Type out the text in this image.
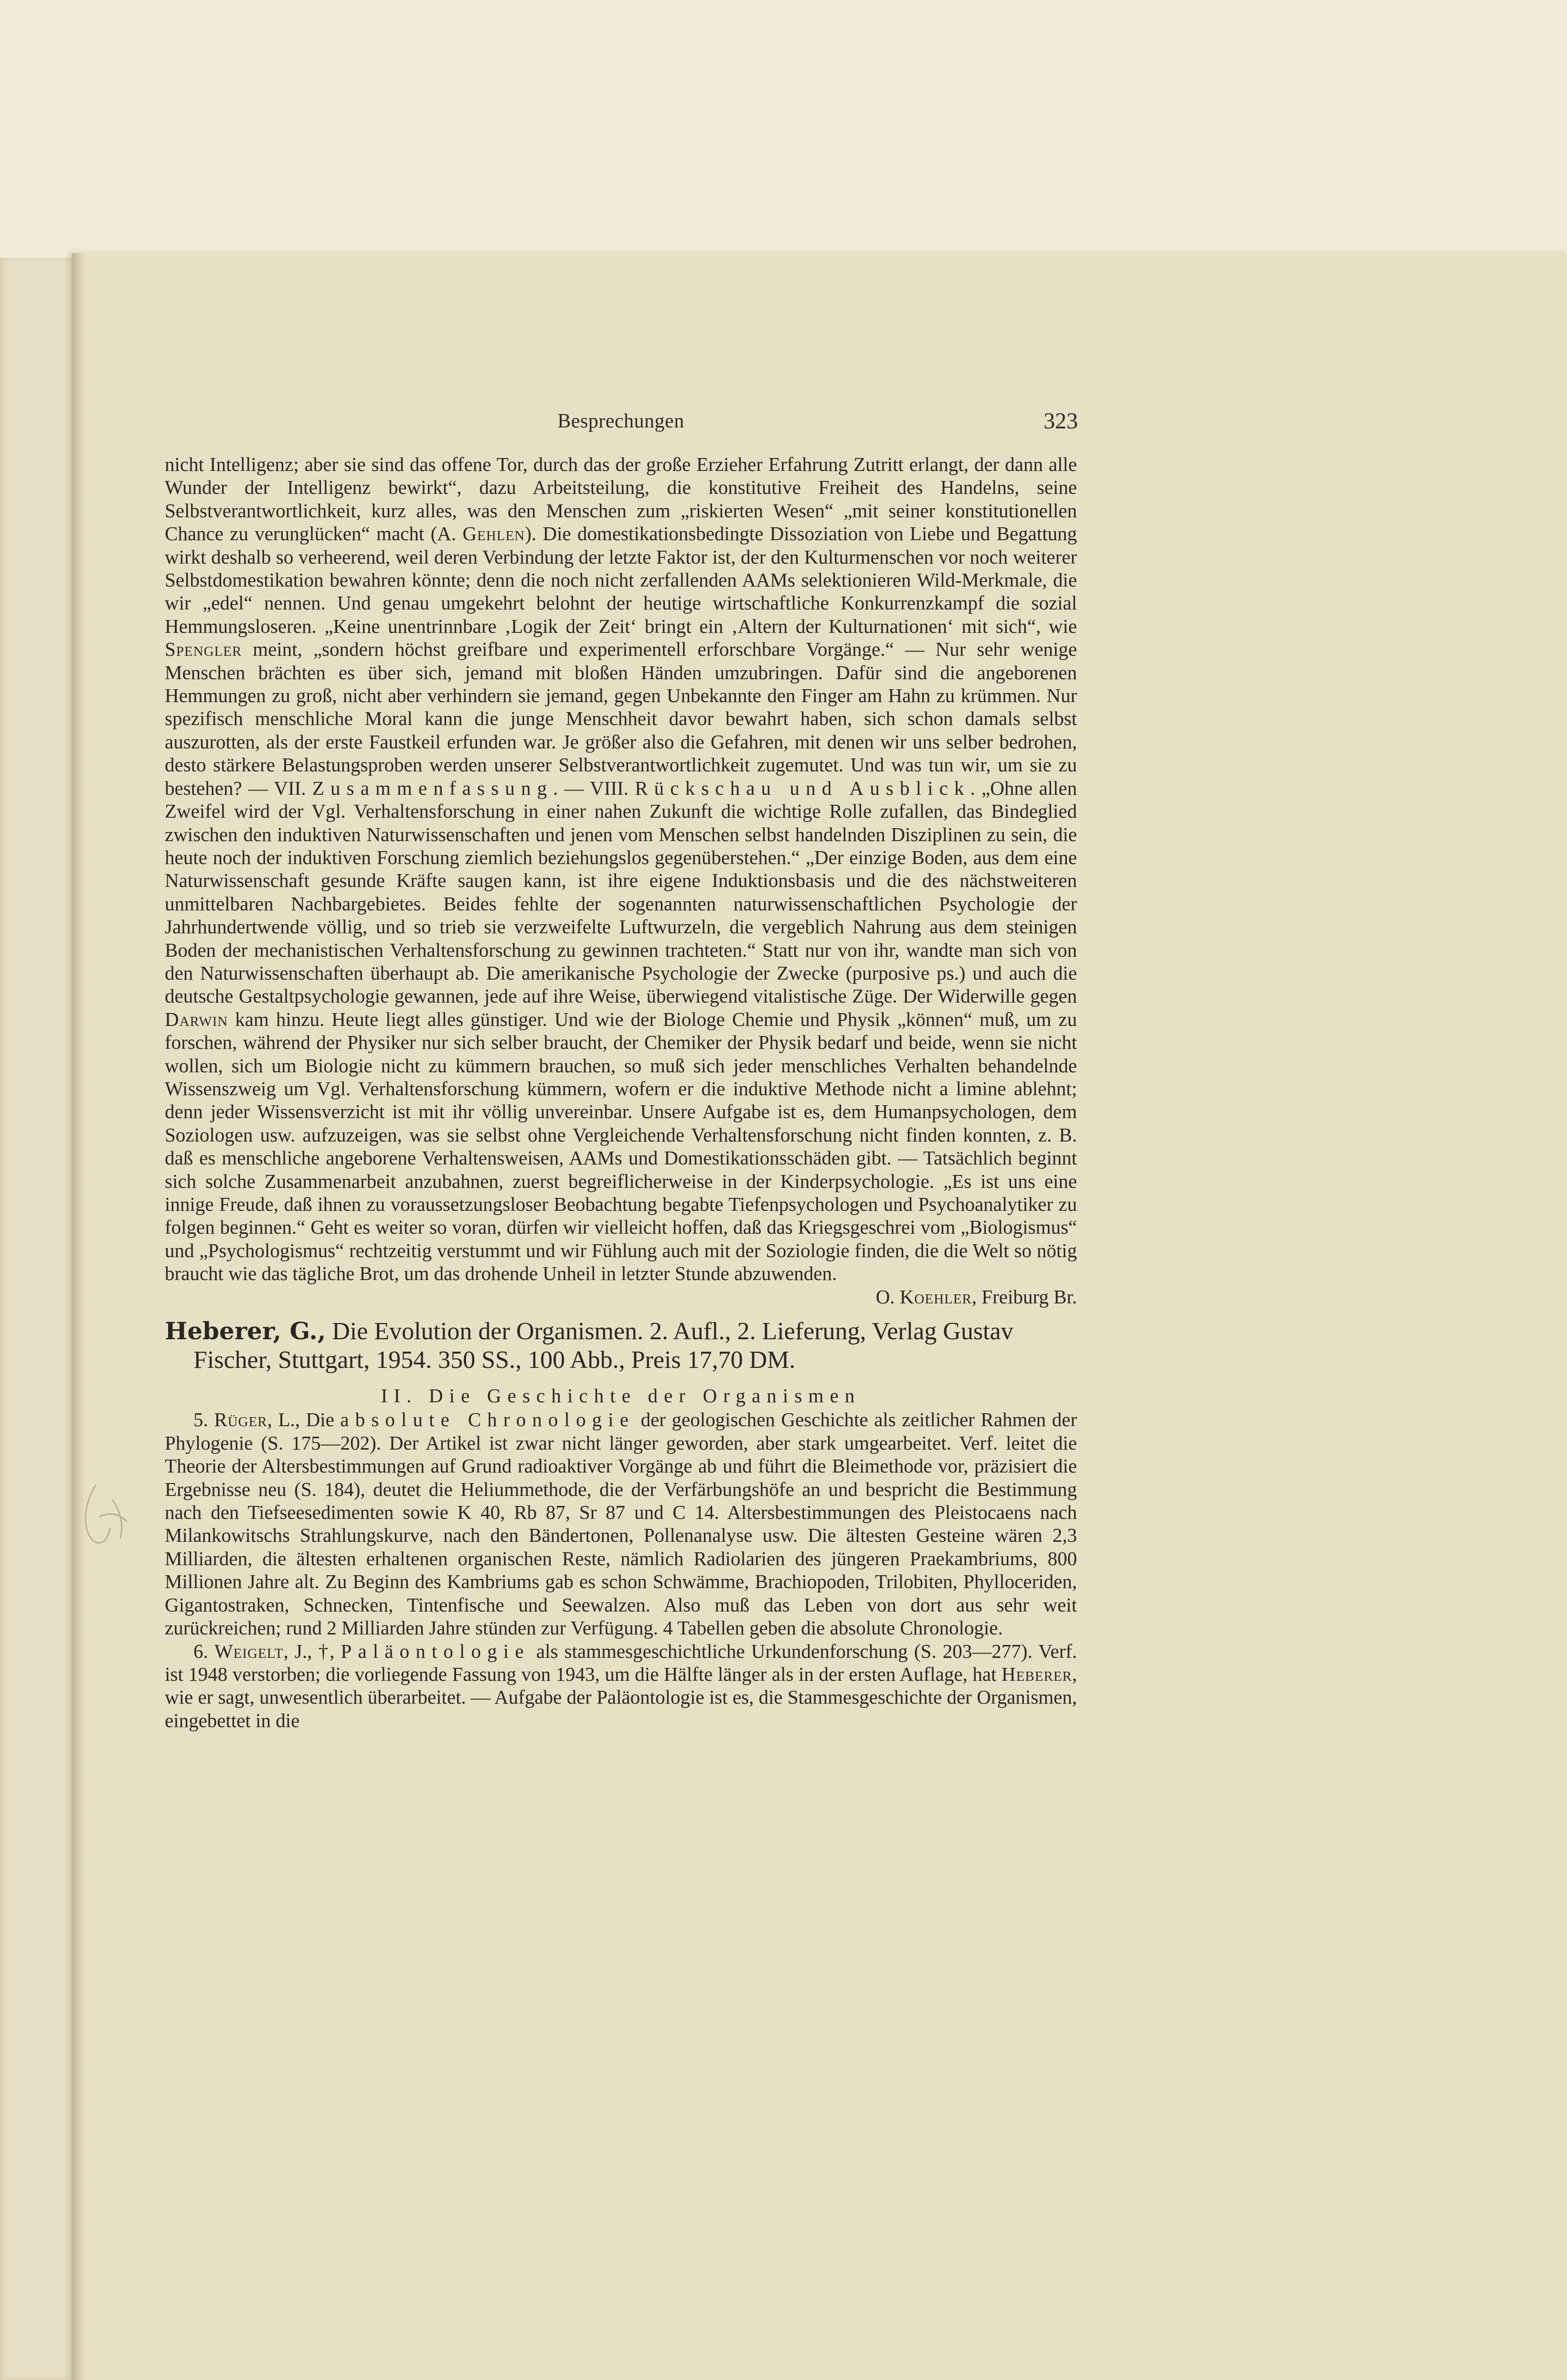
Besprechungen	323

nicht Intelligenz; aber sie sind das offene Tor, durch das der große Erzieher Erfahrung Zutritt erlangt, der dann alle Wunder der Intelligenz bewirkt“, dazu Arbeitsteilung, die konstitutive Freiheit des Handelns, seine Selbstverantwortlichkeit, kurz alles, was den Menschen zum „riskierten Wesen“ „mit seiner konstitutionellen Chance zu verunglücken“ macht (A. Gehlen). Die domestikationsbedingte Dissoziation von Liebe und Begattung wirkt deshalb so verheerend, weil deren Verbindung der letzte Faktor ist, der den Kulturmenschen vor noch weiterer Selbstdomestikation bewahren könnte; denn die noch nicht zerfallenden AAMs selektionieren Wild-Merkmale, die wir „edel“ nennen. Und genau umgekehrt belohnt der heutige wirtschaftliche Konkurrenzkampf die sozial Hemmungsloseren. „Keine unentrinnbare ‚Logik der Zeit‘ bringt ein ‚Altern der Kulturnationen‘ mit sich“, wie Spengler meint, „sondern höchst greifbare und experimentell erforschbare Vorgänge.“ — Nur sehr wenige Menschen brächten es über sich, jemand mit bloßen Händen umzubringen. Dafür sind die angeborenen Hemmungen zu groß, nicht aber verhindern sie jemand, gegen Unbekannte den Finger am Hahn zu krümmen. Nur spezifisch menschliche Moral kann die junge Menschheit davor bewahrt haben, sich schon damals selbst auszurotten, als der erste Faustkeil erfunden war. Je größer also die Gefahren, mit denen wir uns selber bedrohen, desto stärkere Belastungsproben werden unserer Selbstverantwortlichkeit zugemutet. Und was tun wir, um sie zu bestehen? — VII. Zusammenfassung. — VIII. Rückschau und Ausblick. „Ohne allen Zweifel wird der Vgl. Verhaltensforschung in einer nahen Zukunft die wichtige Rolle zufallen, das Bindeglied zwischen den induktiven Naturwissenschaften und jenen vom Menschen selbst handelnden Disziplinen zu sein, die heute noch der induktiven Forschung ziemlich beziehungslos gegenüberstehen.“ „Der einzige Boden, aus dem eine Naturwissenschaft gesunde Kräfte saugen kann, ist ihre eigene Induktionsbasis und die des nächstweiteren unmittelbaren Nachbargebietes. Beides fehlte der sogenannten naturwissenschaftlichen Psychologie der Jahrhundertwende völlig, und so trieb sie verzweifelte Luftwurzeln, die vergeblich Nahrung aus dem steinigen Boden der mechanistischen Verhaltensforschung zu gewinnen trachteten.“ Statt nur von ihr, wandte man sich von den Naturwissenschaften überhaupt ab. Die amerikanische Psychologie der Zwecke (purposive ps.) und auch die deutsche Gestaltpsychologie gewannen, jede auf ihre Weise, überwiegend vitalistische Züge. Der Widerwille gegen Darwin kam hinzu. Heute liegt alles günstiger. Und wie der Biologe Chemie und Physik „können“ muß, um zu forschen, während der Physiker nur sich selber braucht, der Chemiker der Physik bedarf und beide, wenn sie nicht wollen, sich um Biologie nicht zu kümmern brauchen, so muß sich jeder menschliches Verhalten behandelnde Wissenszweig um Vgl. Verhaltensforschung kümmern, wofern er die induktive Methode nicht a limine ablehnt; denn jeder Wissensverzicht ist mit ihr völlig unvereinbar. Unsere Aufgabe ist es, dem Humanpsychologen, dem Soziologen usw. aufzuzeigen, was sie selbst ohne Vergleichende Verhaltensforschung nicht finden konnten, z. B. daß es menschliche angeborene Verhaltensweisen, AAMs und Domestikationsschäden gibt. — Tatsächlich beginnt sich solche Zusammenarbeit anzubahnen, zuerst begreiflicherweise in der Kinderpsychologie. „Es ist uns eine innige Freude, daß ihnen zu voraussetzungsloser Beobachtung begabte Tiefenpsychologen und Psychoanalytiker zu folgen beginnen.“ Geht es weiter so voran, dürfen wir vielleicht hoffen, daß das Kriegsgeschrei vom „Biologismus“ und „Psychologismus“ rechtzeitig verstummt und wir Fühlung auch mit der Soziologie finden, die die Welt so nötig braucht wie das tägliche Brot, um das drohende Unheil in letzter Stunde abzuwenden.

O. Koehler, Freiburg Br.

Heberer, G., Die Evolution der Organismen. 2. Aufl., 2. Lieferung, Verlag Gustav Fischer, Stuttgart, 1954. 350 SS., 100 Abb., Preis 17,70 DM.

II. Die Geschichte der Organismen

5. Rüger, L., Die absolute Chronologie der geologischen Geschichte als zeitlicher Rahmen der Phylogenie (S. 175—202). Der Artikel ist zwar nicht länger geworden, aber stark umgearbeitet. Verf. leitet die Theorie der Altersbestimmungen auf Grund radioaktiver Vorgänge ab und führt die Bleimethode vor, präzisiert die Ergebnisse neu (S. 184), deutet die Heliummethode, die der Verfärbungshöfe an und bespricht die Bestimmung nach den Tiefseesedimenten sowie K 40, Rb 87, Sr 87 und C 14. Altersbestimmungen des Pleistocaens nach Milankowitschs Strahlungskurve, nach den Bändertonen, Pollenanalyse usw. Die ältesten Gesteine wären 2,3 Milliarden, die ältesten erhaltenen organischen Reste, nämlich Radiolarien des jüngeren Praekambriums, 800 Millionen Jahre alt. Zu Beginn des Kambriums gab es schon Schwämme, Brachiopoden, Trilobiten, Phylloceriden, Gigantostraken, Schnecken, Tintenfische und Seewalzen. Also muß das Leben von dort aus sehr weit zurückreichen; rund 2 Milliarden Jahre stünden zur Verfügung. 4 Tabellen geben die absolute Chronologie.

6. Weigelt, J., †, Paläontologie als stammesgeschichtliche Urkundenforschung (S. 203—277). Verf. ist 1948 verstorben; die vorliegende Fassung von 1943, um die Hälfte länger als in der ersten Auflage, hat Heberer, wie er sagt, unwesentlich überarbeitet. — Aufgabe der Paläontologie ist es, die Stammesgeschichte der Organismen, eingebettet in die
